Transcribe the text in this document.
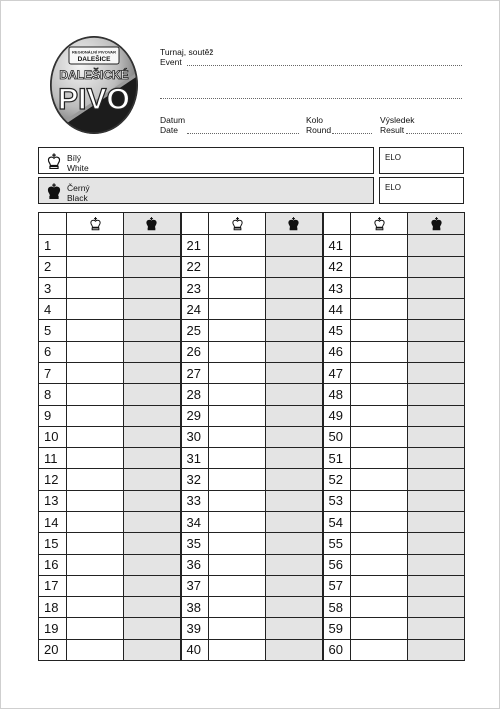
REGIONÁLNÍ PIVOVAR
DALEŠICE
DALEŠICKÉ
PIVO
Turnaj, soutěž
Event
Datum
Date
Kolo
Round
Výsledek
Result
Bílý
White
ELO
Černý
Black
ELO

1			21			41		
2			22			42		
3			23			43		
4			24			44		
5			25			45		
6			26			46		
7			27			47		
8			28			48		
9			29			49		
10			30			50		
11			31			51		
12			32			52		
13			33			53		
14			34			54		
15			35			55		
16			36			56		
17			37			57		
18			38			58		
19			39			59		
20			40			60		
